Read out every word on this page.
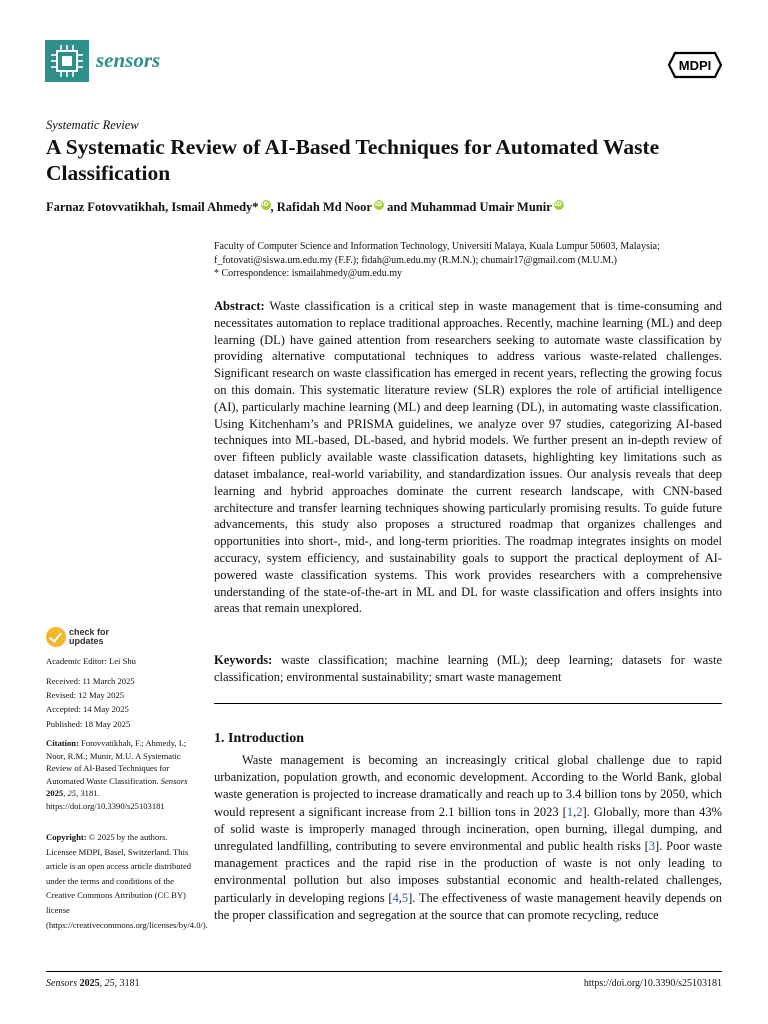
sensors	MDPI
Systematic Review
A Systematic Review of AI-Based Techniques for Automated Waste Classification
Farnaz Fotovvatikhah, Ismail Ahmedy*iD , Rafidah Md NooriD and Muhammad Umair MuniriD
Faculty of Computer Science and Information Technology, Universiti Malaya, Kuala Lumpur 50603, Malaysia;
f_fotovati@siswa.um.edu.my (F.F.); fidah@um.edu.my (R.M.N.); chumair17@gmail.com (M.U.M.)
* Correspondence: ismailahmedy@um.edu.my
Abstract: Waste classification is a critical step in waste management that is time-consuming and necessitates automation to replace traditional approaches. Recently, machine learning (ML) and deep learning (DL) have gained attention from researchers seeking to automate waste classification by providing alternative computational techniques to address various waste-related challenges. Significant research on waste classification has emerged in recent years, reflecting the growing focus on this domain. This systematic literature review (SLR) explores the role of artificial intelligence (AI), particularly machine learning (ML) and deep learning (DL), in automating waste classification. Using Kitchenham’s and PRISMA guidelines, we analyze over 97 studies, categorizing AI-based techniques into ML-based, DL-based, and hybrid models. We further present an in-depth review of over fifteen publicly available waste classification datasets, highlighting key limitations such as dataset imbalance, real-world variability, and standardization issues. Our analysis reveals that deep learning and hybrid approaches dominate the current research landscape, with CNN-based architecture and transfer learning techniques showing particularly promising results. To guide future advancements, this study also proposes a structured roadmap that organizes challenges and opportunities into short-, mid-, and long-term priorities. The roadmap integrates insights on model accuracy, system efficiency, and sustainability goals to support the practical deployment of AI-powered waste classification systems. This work provides researchers with a comprehensive understanding of the state-of-the-art in ML and DL for waste classification and offers insights into areas that remain unexplored.
Keywords: waste classification; machine learning (ML); deep learning; datasets for waste classification; environmental sustainability; smart waste management
1. Introduction

Waste management is becoming an increasingly critical global challenge due to rapid urbanization, population growth, and economic development. According to the World Bank, global waste generation is projected to increase dramatically and reach up to 3.4 billion tons by 2050, which would represent a significant increase from 2.1 billion tons in 2023 [1,2]. Globally, more than 43% of solid waste is improperly managed through incineration, open burning, illegal dumping, and unregulated landfilling, contributing to severe environmental and public health risks [3]. Poor waste management practices and the rapid rise in the production of waste is not only leading to environmental pollution but also imposes substantial economic and health-related challenges, particularly in developing regions [4,5]. The effectiveness of waste management heavily depends on the proper classification and segregation at the source that can promote recycling, reduce

check for
updates
Academic Editor: Lei Shu

Received: 11 March 2025

Revised: 12 May 2025

Accepted: 14 May 2025

Published: 18 May 2025

Citation: Fotovvatikhah, F.; Ahmedy, I.; Noor, R.M.; Munir, M.U. A Systematic Review of AI-Based Techniques for Automated Waste Classification. Sensors 2025, 25, 3181. https://doi.org/10.3390/s25103181
Copyright: © 2025 by the authors. Licensee MDPI, Basel, Switzerland. This article is an open access article distributed under the terms and conditions of the Creative Commons Attribution (CC BY) license (https://creativecommons.org/licenses/by/4.0/).
Sensors 2025, 25, 3181	https://doi.org/10.3390/s25103181
